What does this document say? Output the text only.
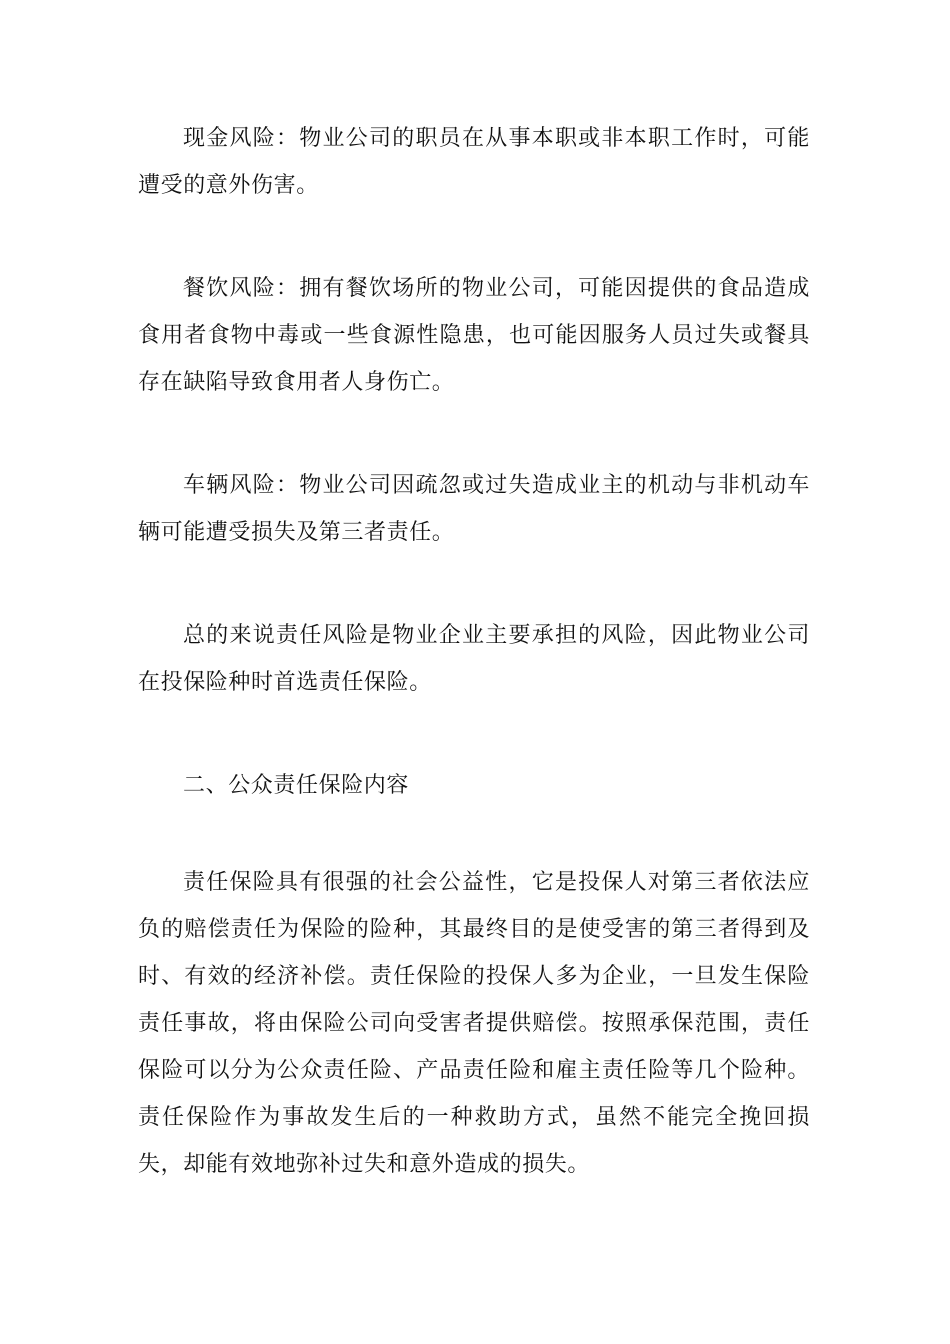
现金风险：物业公司的职员在从事本职或非本职工作时，可能遭受的意外伤害。

餐饮风险：拥有餐饮场所的物业公司，可能因提供的食品造成食用者食物中毒或一些食源性隐患，也可能因服务人员过失或餐具存在缺陷导致食用者人身伤亡。

车辆风险：物业公司因疏忽或过失造成业主的机动与非机动车辆可能遭受损失及第三者责任。

总的来说责任风险是物业企业主要承担的风险，因此物业公司在投保险种时首选责任保险。

二、公众责任保险内容

责任保险具有很强的社会公益性，它是投保人对第三者依法应负的赔偿责任为保险的险种，其最终目的是使受害的第三者得到及时、有效的经济补偿。责任保险的投保人多为企业，一旦发生保险责任事故，将由保险公司向受害者提供赔偿。按照承保范围，责任保险可以分为公众责任险、产品责任险和雇主责任险等几个险种。责任保险作为事故发生后的一种救助方式，虽然不能完全挽回损失，却能有效地弥补过失和意外造成的损失。
